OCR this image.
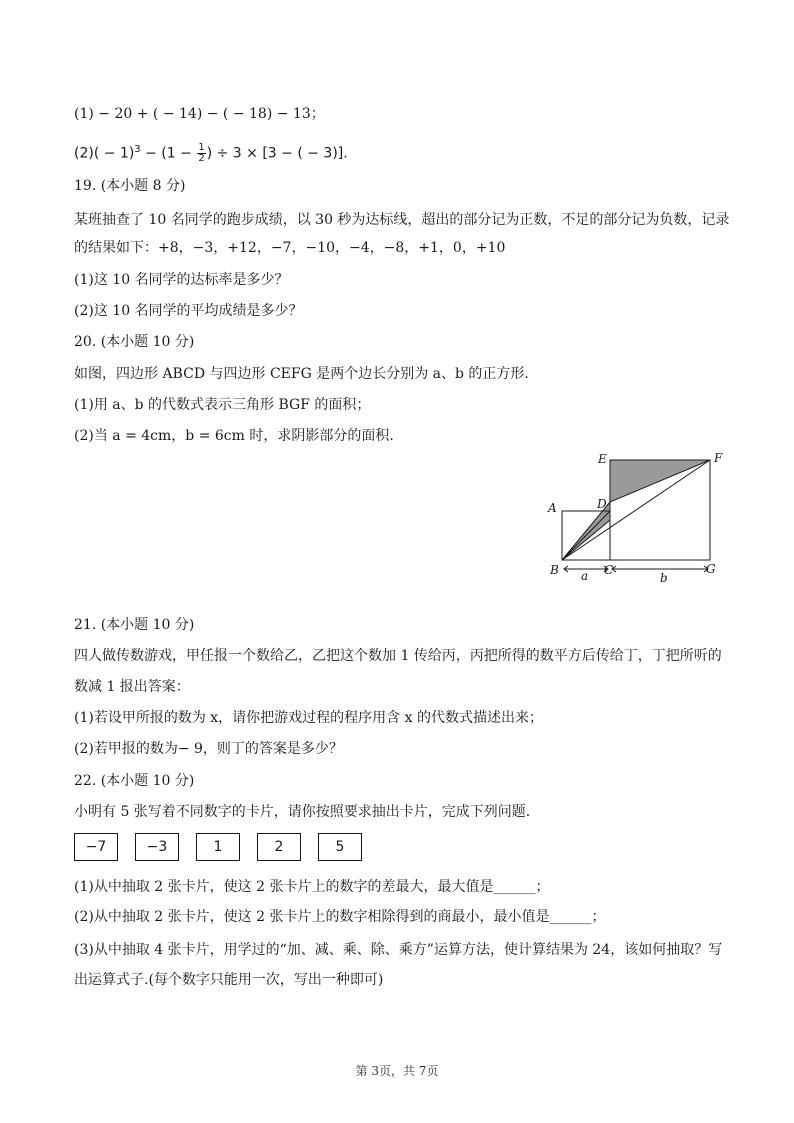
(1) − 20 + ( − 14) − ( − 18) − 13；
$(2)( - 1)^3 - (1 - \frac{1}{2}$ ) ÷ 3 × [3 − ( − 3)].
19. (本小题 8 分)
某班抽查了 10 名同学的跑步成绩，以 30 秒为达标线，超出的部分记为正数，不足的部分记为负数，记录
的结果如下：+8，−3，+12，−7，−10，−4，−8，+1，0，+10
(1)这 10 名同学的达标率是多少？
(2)这 10 名同学的平均成绩是多少？
20. (本小题 10 分)
如图，四边形 ABCD 与四边形 CEFG 是两个边长分别为 a、b 的正方形.
(1)用 a、b 的代数式表示三角形 BGF 的面积；
(2)当 a = 4cm，b = 6cm 时，求阴影部分的面积.
E	F
A	D
B	C	G
a	b
21. (本小题 10 分)
四人做传数游戏，甲任报一个数给乙，乙把这个数加 1 传给丙，丙把所得的数平方后传给丁，丁把所听的
数减 1 报出答案：
(1)若设甲所报的数为 x，请你把游戏过程的程序用含 x 的代数式描述出来；
(2)若甲报的数为− 9，则丁的答案是多少？
22. (本小题 10 分)
小明有 5 张写着不同数字的卡片，请你按照要求抽出卡片，完成下列问题.
−7	−3	1	2	5
(1)从中抽取 2 张卡片，使这 2 张卡片上的数字的差最大，最大值是______；
(2)从中抽取 2 张卡片，使这 2 张卡片上的数字相除得到的商最小，最小值是______；
(3)从中抽取 4 张卡片，用学过的“加、减、乘、除、乘方”运算方法，使计算结果为 24，该如何抽取？写
出运算式子.(每个数字只能用一次，写出一种即可)
第 3页，共 7页
